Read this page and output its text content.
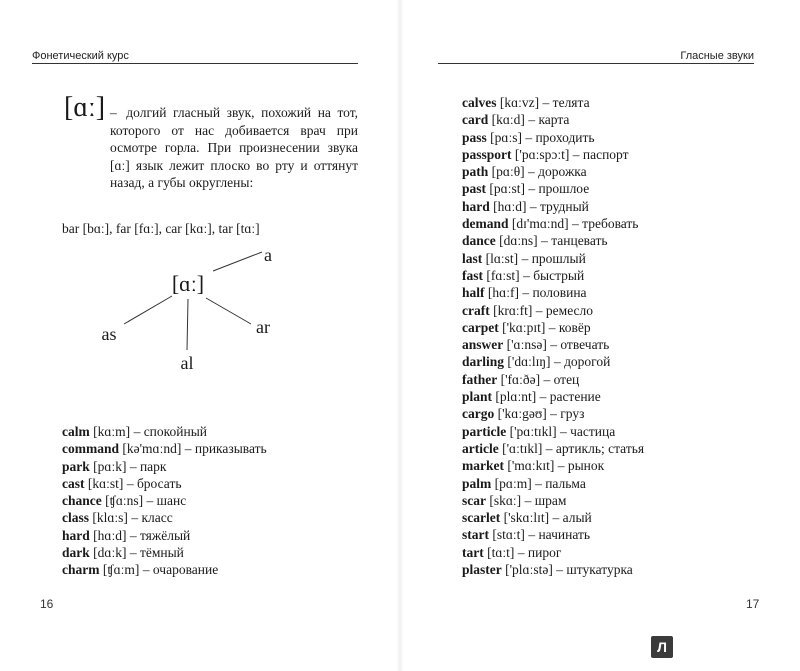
Фонетический курс
[ɑː] – долгий гласный звук, похожий на тот, которого от нас добивается врач при осмотре горла. При произнесении звука [ɑː] язык лежит плоско во рту и оттянут назад, а губы округлены:

bar [bɑː], far [fɑː], car [kɑː], tar [tɑː]
[ɑː]
a
ar
al
as
calm [kɑːm] – спокойный
command [kə'mɑːnd] – приказывать
park [pɑːk] – парк
cast [kɑːst] – бросать
chance [ʧɑːns] – шанс
class [klɑːs] – класс
hard [hɑːd] – тяжёлый
dark [dɑːk] – тёмный
charm [ʧɑːm] – очарование
16
Гласные звуки
calves [kɑːvz] – телята
card [kɑːd] – карта
pass [pɑːs] – проходить
passport ['pɑːspɔːt] – паспорт
path [pɑːθ] – дорожка
past [pɑːst] – прошлое
hard [hɑːd] – трудный
demand [dɪ'mɑːnd] – требовать
dance [dɑːns] – танцевать
last [lɑːst] – прошлый
fast [fɑːst] – быстрый
half [hɑːf] – половина
craft [krɑːft] – ремесло
carpet ['kɑːpɪt] – ковёр
answer ['ɑːnsə] – отвечать
darling ['dɑːlɪŋ] – дорогой
father ['fɑːðə] – отец
plant [plɑːnt] – растение
cargo ['kɑːgəʊ] – груз
particle ['pɑːtɪkl] – частица
article ['ɑːtɪkl] – артикль; статья
market ['mɑːkɪt] – рынок
palm [pɑːm] – пальма
scar [skɑː] – шрам
scarlet ['skɑːlɪt] – алый
start [stɑːt] – начинать
tart [tɑːt] – пирог
plaster ['plɑːstə] – штукатурка
17
Л
